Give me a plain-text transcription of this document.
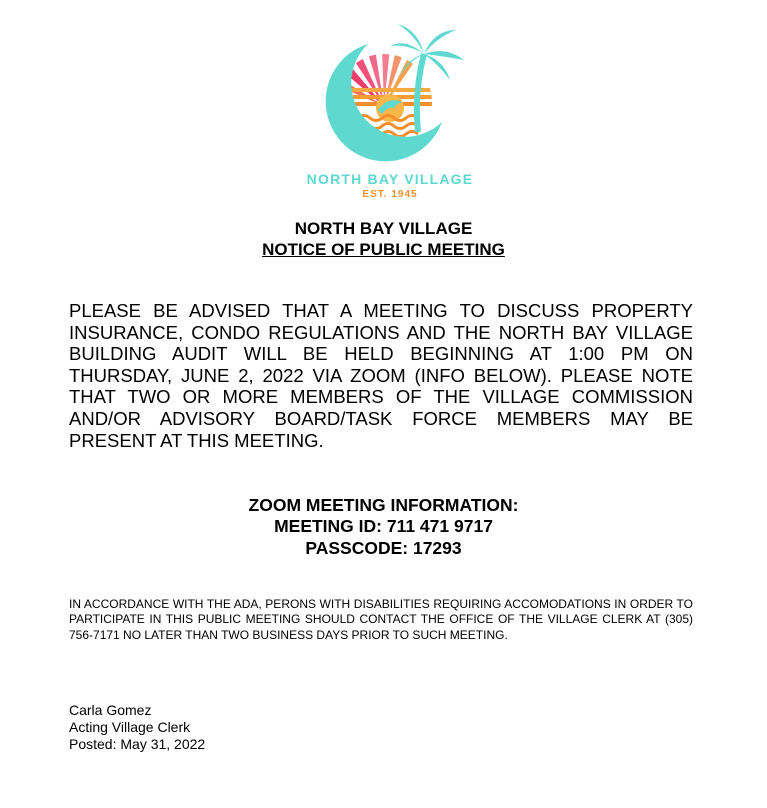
NORTH BAY VILLAGE
EST. 1945
NORTH BAY VILLAGE
NOTICE OF PUBLIC MEETING

PLEASE BE ADVISED THAT A MEETING TO DISCUSS PROPERTY INSURANCE, CONDO REGULATIONS AND THE NORTH BAY VILLAGE BUILDING AUDIT WILL BE HELD BEGINNING AT 1:00 PM ON THURSDAY, JUNE 2, 2022 VIA ZOOM (INFO BELOW). PLEASE NOTE THAT TWO OR MORE MEMBERS OF THE VILLAGE COMMISSION AND/OR ADVISORY BOARD/TASK FORCE MEMBERS MAY BE PRESENT AT THIS MEETING.

ZOOM MEETING INFORMATION:
MEETING ID: 711 471 9717
PASSCODE: 17293

IN ACCORDANCE WITH THE ADA, PERONS WITH DISABILITIES REQUIRING ACCOMODATIONS IN ORDER TO PARTICIPATE IN THIS PUBLIC MEETING SHOULD CONTACT THE OFFICE OF THE VILLAGE CLERK AT (305) 756-7171 NO LATER THAN TWO BUSINESS DAYS PRIOR TO SUCH MEETING.

Carla Gomez
Acting Village Clerk
Posted: May 31, 2022
